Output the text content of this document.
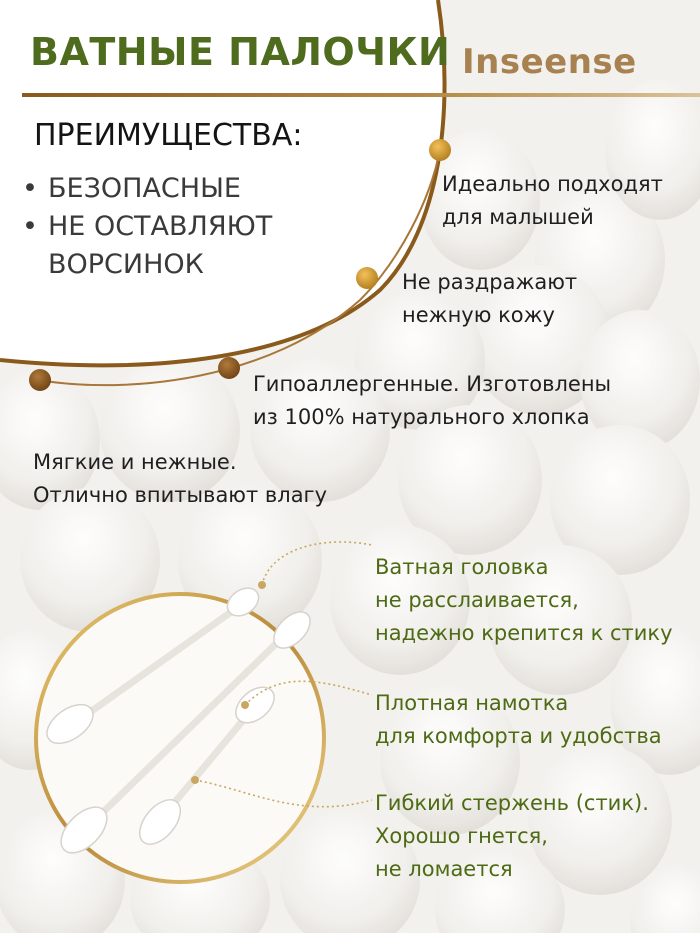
ВАТНЫЕ ПАЛОЧКИ Inseense
ПРЕИМУЩЕСТВА:
• БЕЗОПАСНЫЕ
• НЕ ОСТАВЛЯЮТ
ВОРСИНОК
Идеально подходят
для малышей
Не раздражают
нежную кожу
Гипоаллергенные. Изготовлены
из 100% натурального хлопка
Мягкие и нежные.
Отлично впитывают влагу
Ватная головка
не расслаивается,
надежно крепится к стику
Плотная намотка
для комфорта и удобства
Гибкий стержень (стик).
Хорошо гнется,
не ломается
